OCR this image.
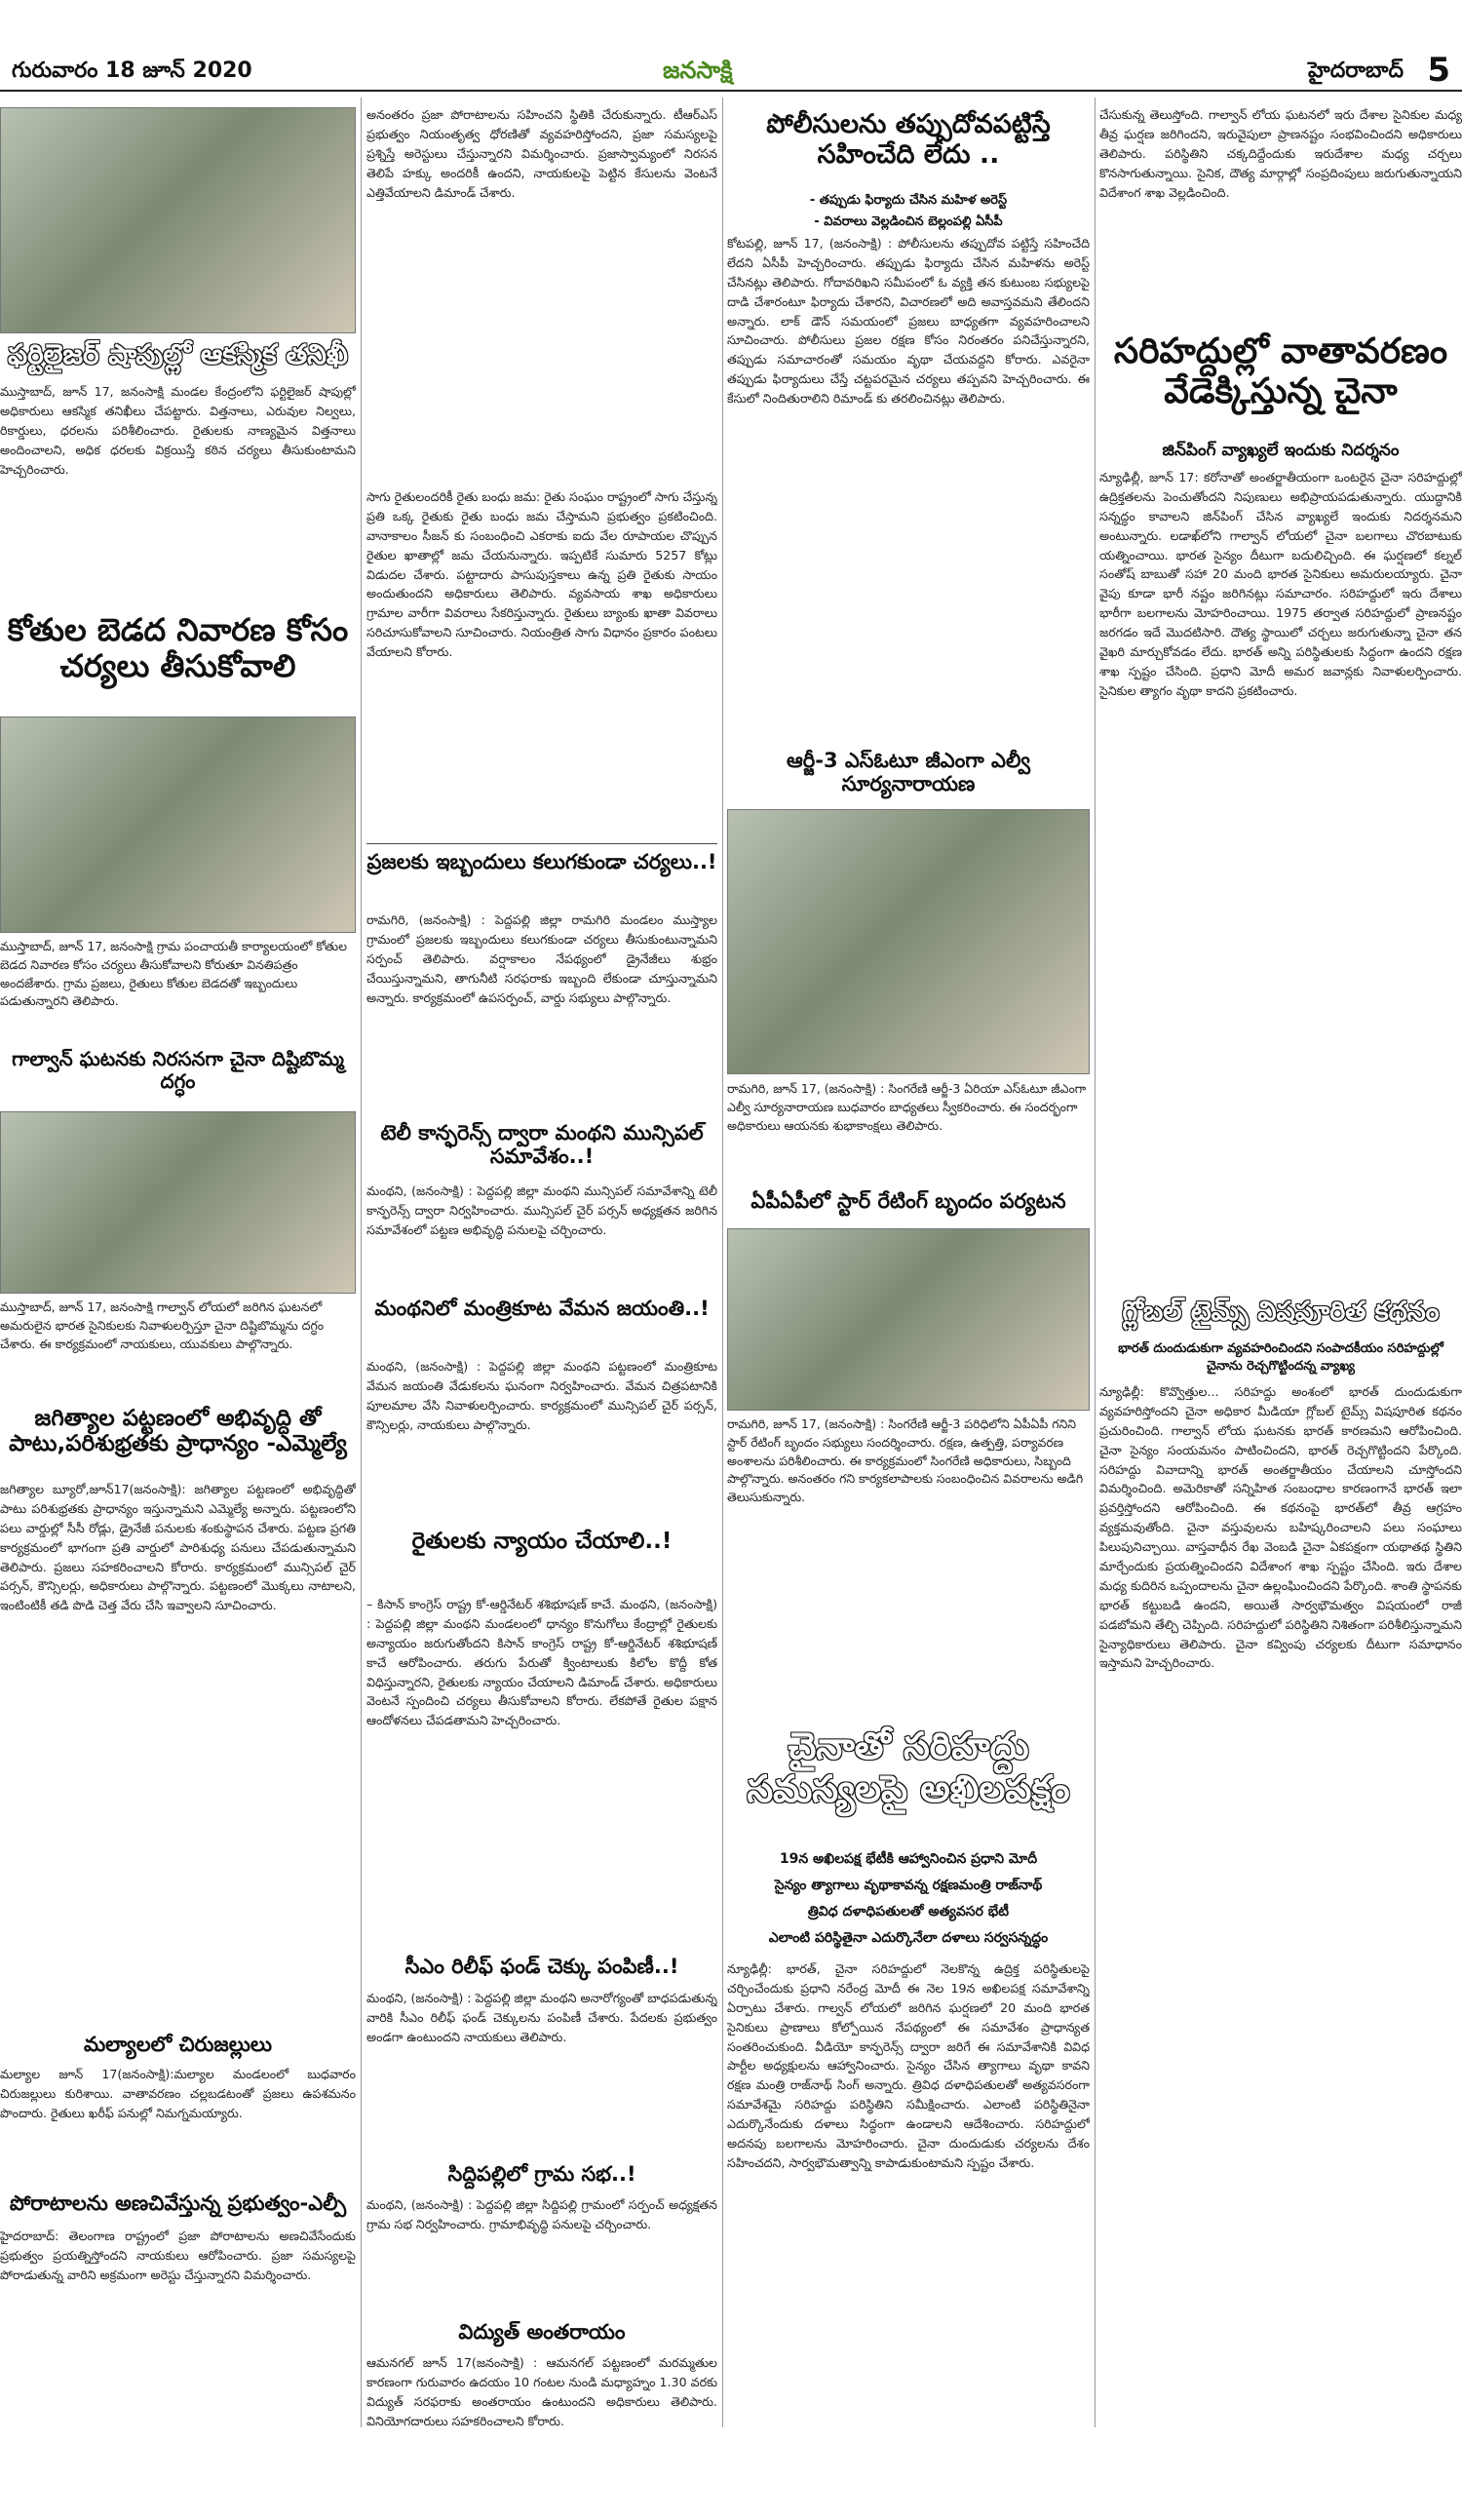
గురువారం 18 జూన్ 2020	జనసాక్షి	హైదరాబాద్ 5
ఫర్టిలైజర్ షాపుల్లో ఆకస్మిక తనిఖీ
ముస్తాబాద్‌, జూన్‌ 17, జనంసాక్షి మండల కేంద్రంలోని ఫర్టిలైజర్ షాపుల్లో అధికారులు ఆకస్మిక తనిఖీలు చేపట్టారు. విత్తనాలు, ఎరువుల నిల్వలు, రికార్డులు, ధరలను పరిశీలించారు. రైతులకు నాణ్యమైన విత్తనాలు అందించాలని, అధిక ధరలకు విక్రయిస్తే కఠిన చర్యలు తీసుకుంటామని హెచ్చరించారు.
కోతుల బెడద నివారణ కోసం చర్యలు తీసుకోవాలి
ముస్తాబాద్‌, జూన్‌ 17, జనంసాక్షి గ్రామ పంచాయతీ కార్యాలయంలో కోతుల బెడద నివారణ కోసం చర్యలు తీసుకోవాలని కోరుతూ వినతిపత్రం అందజేశారు. గ్రామ ప్రజలు, రైతులు కోతుల బెడదతో ఇబ్బందులు పడుతున్నారని తెలిపారు.
గాల్వాన్ ఘటనకు నిరసనగా చైనా దిష్టిబొమ్మ దగ్ధం
ముస్తాబాద్‌, జూన్‌ 17, జనంసాక్షి గాల్వాన్ లోయలో జరిగిన ఘటనలో అమరులైన భారత సైనికులకు నివాళులర్పిస్తూ చైనా దిష్టిబొమ్మను దగ్ధం చేశారు. ఈ కార్యక్రమంలో నాయకులు, యువకులు పాల్గొన్నారు.
జగిత్యాల పట్టణంలో అభివృద్ది తో పాటు,పరిశుభ్రతకు ప్రాధాన్యం -ఎమ్మెల్యే
జగిత్యాల బ్యూరో,జూన్17(జనంసాక్షి): జగిత్యాల పట్టణంలో అభివృద్ధితో పాటు పరిశుభ్రతకు ప్రాధాన్యం ఇస్తున్నామని ఎమ్మెల్యే అన్నారు. పట్టణంలోని పలు వార్డుల్లో సీసీ రోడ్లు, డ్రైనేజీ పనులకు శంకుస్థాపన చేశారు. పట్టణ ప్రగతి కార్యక్రమంలో భాగంగా ప్రతి వార్డులో పారిశుధ్య పనులు చేపడుతున్నామని తెలిపారు. ప్రజలు సహకరించాలని కోరారు. కార్యక్రమంలో మున్సిపల్ చైర్ పర్సన్, కౌన్సిలర్లు, అధికారులు పాల్గొన్నారు. పట్టణంలో మొక్కలు నాటాలని, ఇంటింటికీ తడి పొడి చెత్త వేరు చేసి ఇవ్వాలని సూచించారు.
మల్యాలలో చిరుజల్లులు
మల్యాల జూన్ 17(జనంసాక్షి):మల్యాల మండలంలో బుధవారం చిరుజల్లులు కురిశాయి. వాతావరణం చల్లబడటంతో ప్రజలు ఉపశమనం పొందారు. రైతులు ఖరీఫ్ పనుల్లో నిమగ్నమయ్యారు.
పోరాటాలను అణచివేస్తున్న ప్రభుత్వం-ఎల్పీ
హైదరాబాద్‌: తెలంగాణ రాష్ట్రంలో ప్రజా పోరాటాలను అణచివేసేందుకు ప్రభుత్వం ప్రయత్నిస్తోందని నాయకులు ఆరోపించారు. ప్రజా సమస్యలపై పోరాడుతున్న వారిని అక్రమంగా అరెస్టు చేస్తున్నారని విమర్శించారు.
అనంతరం ప్రజా పోరాటాలను సహించని స్థితికి చేరుకున్నారు. టీఆర్ఎస్ ప్రభుత్వం నియంతృత్వ ధోరణితో వ్యవహరిస్తోందని, ప్రజా సమస్యలపై ప్రశ్నిస్తే అరెస్టులు చేస్తున్నారని విమర్శించారు. ప్రజాస్వామ్యంలో నిరసన తెలిపే హక్కు అందరికీ ఉందని, నాయకులపై పెట్టిన కేసులను వెంటనే ఎత్తివేయాలని డిమాండ్ చేశారు.
సాగు రైతులందరికీ రైతు బంధు జమ: రైతు సంఘం రాష్ట్రంలో సాగు చేస్తున్న ప్రతి ఒక్క రైతుకు రైతు బంధు జమ చేస్తామని ప్రభుత్వం ప్రకటించింది. వానాకాలం సీజన్ కు సంబంధించి ఎకరాకు ఐదు వేల రూపాయల చొప్పున రైతుల ఖాతాల్లో జమ చేయనున్నారు. ఇప్పటికే సుమారు 5257 కోట్లు విడుదల చేశారు. పట్టాదారు పాసుపుస్తకాలు ఉన్న ప్రతి రైతుకు సాయం అందుతుందని అధికారులు తెలిపారు. వ్యవసాయ శాఖ అధికారులు గ్రామాల వారీగా వివరాలు సేకరిస్తున్నారు. రైతులు బ్యాంకు ఖాతా వివరాలు సరిచూసుకోవాలని సూచించారు. నియంత్రిత సాగు విధానం ప్రకారం పంటలు వేయాలని కోరారు.
ప్రజలకు ఇబ్బందులు కలుగకుండా చర్యలు..!
రామగిరి, (జనంసాక్షి) : పెద్దపల్లి జిల్లా రామగిరి మండలం ముస్త్యాల గ్రామంలో ప్రజలకు ఇబ్బందులు కలుగకుండా చర్యలు తీసుకుంటున్నామని సర్పంచ్ తెలిపారు. వర్షాకాలం నేపథ్యంలో డ్రైనేజీలు శుభ్రం చేయిస్తున్నామని, తాగునీటి సరఫరాకు ఇబ్బంది లేకుండా చూస్తున్నామని అన్నారు. కార్యక్రమంలో ఉపసర్పంచ్, వార్డు సభ్యులు పాల్గొన్నారు.
టెలీ కాన్ఫరెన్స్ ద్వారా మంథని మున్సిపల్ సమావేశం..!
మంథని, (జనంసాక్షి) : పెద్దపల్లి జిల్లా మంథని మున్సిపల్ సమావేశాన్ని టెలీ కాన్ఫరెన్స్ ద్వారా నిర్వహించారు. మున్సిపల్ చైర్ పర్సన్ అధ్యక్షతన జరిగిన సమావేశంలో పట్టణ అభివృద్ధి పనులపై చర్చించారు.
మంథనిలో మంత్రికూట వేమన జయంతి..!
మంథని, (జనంసాక్షి) : పెద్దపల్లి జిల్లా మంథని పట్టణంలో మంత్రికూట వేమన జయంతి వేడుకలను ఘనంగా నిర్వహించారు. వేమన చిత్రపటానికి పూలమాల వేసి నివాళులర్పించారు. కార్యక్రమంలో మున్సిపల్ చైర్ పర్సన్, కౌన్సిలర్లు, నాయకులు పాల్గొన్నారు.
రైతులకు న్యాయం చేయాలి..!
– కిసాన్ కాంగ్రెస్ రాష్ట్ర కో-ఆర్డినేటర్ శశిభూషణ్ కాచే. మంథని, (జనంసాక్షి) : పెద్దపల్లి జిల్లా మంథని మండలంలో ధాన్యం కొనుగోలు కేంద్రాల్లో రైతులకు అన్యాయం జరుగుతోందని కిసాన్ కాంగ్రెస్ రాష్ట్ర కో-ఆర్డినేటర్ శశిభూషణ్ కాచే ఆరోపించారు. తరుగు పేరుతో క్వింటాలుకు కిలోల కొద్దీ కోత విధిస్తున్నారని, రైతులకు న్యాయం చేయాలని డిమాండ్ చేశారు. అధికారులు వెంటనే స్పందించి చర్యలు తీసుకోవాలని కోరారు. లేకపోతే రైతుల పక్షాన ఆందోళనలు చేపడతామని హెచ్చరించారు.
సీఎం రిలీఫ్ ఫండ్ చెక్కు పంపిణీ..!
మంథని, (జనంసాక్షి) : పెద్దపల్లి జిల్లా మంథని అనారోగ్యంతో బాధపడుతున్న వారికి సీఎం రిలీఫ్ ఫండ్ చెక్కులను పంపిణీ చేశారు. పేదలకు ప్రభుత్వం అండగా ఉంటుందని నాయకులు తెలిపారు.
సిద్దిపల్లిలో గ్రామ సభ..!
మంథని, (జనంసాక్షి) : పెద్దపల్లి జిల్లా సిద్దిపల్లి గ్రామంలో సర్పంచ్ అధ్యక్షతన గ్రామ సభ నిర్వహించారు. గ్రామాభివృద్ధి పనులపై చర్చించారు.
విద్యుత్ అంతరాయం
ఆమనగల్ జూన్ 17(జనంసాక్షి) : ఆమనగల్ పట్టణంలో మరమ్మతుల కారణంగా గురువారం ఉదయం 10 గంటల నుండి మధ్యాహ్నం 1.30 వరకు విద్యుత్ సరఫరాకు అంతరాయం ఉంటుందని అధికారులు తెలిపారు. వినియోగదారులు సహకరించాలని కోరారు.
పోలీసులను తప్పుదోవపట్టిస్తే సహించేది లేదు ..
- తప్పుడు ఫిర్యాదు చేసిన మహిళ అరెస్ట్
- వివరాలు వెల్లడించిన బెల్లంపల్లి ఏసీపీ
కోటపల్లి, జూన్ 17, (జనంసాక్షి) : పోలీసులను తప్పుదోవ పట్టిస్తే సహించేది లేదని ఏసీపీ హెచ్చరించారు. తప్పుడు ఫిర్యాదు చేసిన మహిళను అరెస్ట్ చేసినట్లు తెలిపారు. గోదావరిఖని సమీపంలో ఓ వ్యక్తి తన కుటుంబ సభ్యులపై దాడి చేశారంటూ ఫిర్యాదు చేశారని, విచారణలో అది అవాస్తవమని తేలిందని అన్నారు. లాక్ డౌన్ సమయంలో ప్రజలు బాధ్యతగా వ్యవహరించాలని సూచించారు. పోలీసులు ప్రజల రక్షణ కోసం నిరంతరం పనిచేస్తున్నారని, తప్పుడు సమాచారంతో సమయం వృథా చేయవద్దని కోరారు. ఎవరైనా తప్పుడు ఫిర్యాదులు చేస్తే చట్టపరమైన చర్యలు తప్పవని హెచ్చరించారు. ఈ కేసులో నిందితురాలిని రిమాండ్ కు తరలించినట్లు తెలిపారు.
ఆర్జీ-3 ఎస్ఓటూ జీఎంగా ఎల్వీ సూర్యనారాయణ
రామగిరి, జూన్ 17, (జనంసాక్షి) : సింగరేణి ఆర్జీ-3 ఏరియా ఎస్ఓటూ జీఎంగా ఎల్వీ సూర్యనారాయణ బుధవారం బాధ్యతలు స్వీకరించారు. ఈ సందర్భంగా అధికారులు ఆయనకు శుభాకాంక్షలు తెలిపారు.
ఏపీఏపీలో స్టార్ రేటింగ్ బృందం పర్యటన
రామగిరి, జూన్ 17, (జనంసాక్షి) : సింగరేణి ఆర్జీ-3 పరిధిలోని ఏపీఏపీ గనిని స్టార్ రేటింగ్ బృందం సభ్యులు సందర్శించారు. రక్షణ, ఉత్పత్తి, పర్యావరణ అంశాలను పరిశీలించారు. ఈ కార్యక్రమంలో సింగరేణి అధికారులు, సిబ్బంది పాల్గొన్నారు. అనంతరం గని కార్యకలాపాలకు సంబంధించిన వివరాలను అడిగి తెలుసుకున్నారు.
చైనాతో సరిహద్దు సమస్యలపై అఖిలపక్షం
19న అఖిలపక్ష భేటీకి ఆహ్వానించిన ప్రధాని మోదీ
సైన్యం త్యాగాలు వృథాకావన్న రక్షణమంత్రి రాజ్‌నాథ్
త్రివిధ దళాధిపతులతో అత్యవసర భేటీ
ఎలాంటి పరిస్థితైనా ఎదుర్కొనేలా దళాలు సర్వసన్నద్ధం
న్యూఢిల్లీ: భారత్, చైనా సరిహద్దులో నెలకొన్న ఉద్రిక్త పరిస్థితులపై చర్చించేందుకు ప్రధాని నరేంద్ర మోదీ ఈ నెల 19న అఖిలపక్ష సమావేశాన్ని ఏర్పాటు చేశారు. గాల్వన్ లోయలో జరిగిన ఘర్షణలో 20 మంది భారత సైనికులు ప్రాణాలు కోల్పోయిన నేపథ్యంలో ఈ సమావేశం ప్రాధాన్యత సంతరించుకుంది. వీడియో కాన్ఫరెన్స్ ద్వారా జరిగే ఈ సమావేశానికి వివిధ పార్టీల అధ్యక్షులను ఆహ్వానించారు. సైన్యం చేసిన త్యాగాలు వృథా కావని రక్షణ మంత్రి రాజ్‌నాథ్ సింగ్ అన్నారు. త్రివిధ దళాధిపతులతో అత్యవసరంగా సమావేశమై సరిహద్దు పరిస్థితిని సమీక్షించారు. ఎలాంటి పరిస్థితినైనా ఎదుర్కొనేందుకు దళాలు సిద్ధంగా ఉండాలని ఆదేశించారు. సరిహద్దులో అదనపు బలగాలను మోహరించారు. చైనా దుందుడుకు చర్యలను దేశం సహించదని, సార్వభౌమత్వాన్ని కాపాడుకుంటామని స్పష్టం చేశారు.
చేసుకున్న తెలుస్తోంది. గాల్వాన్ లోయ ఘటనలో ఇరు దేశాల సైనికుల మధ్య తీవ్ర ఘర్షణ జరిగిందని, ఇరువైపులా ప్రాణనష్టం సంభవించిందని అధికారులు తెలిపారు. పరిస్థితిని చక్కదిద్దేందుకు ఇరుదేశాల మధ్య చర్చలు కొనసాగుతున్నాయి. సైనిక, దౌత్య మార్గాల్లో సంప్రదింపులు జరుగుతున్నాయని విదేశాంగ శాఖ వెల్లడించింది.
సరిహద్దుల్లో వాతావరణం వేడెక్కిస్తున్న చైనా
జిన్‌పింగ్ వ్యాఖ్యలే ఇందుకు నిదర్శనం
న్యూఢిల్లీ, జూన్ 17: కరోనాతో అంతర్జాతీయంగా ఒంటరైన చైనా సరిహద్దుల్లో ఉద్రిక్తతలను పెంచుతోందని నిపుణులు అభిప్రాయపడుతున్నారు. యుద్ధానికి సన్నద్ధం కావాలని జిన్‌పింగ్ చేసిన వ్యాఖ్యలే ఇందుకు నిదర్శనమని అంటున్నారు. లడాఖ్‌లోని గాల్వాన్ లోయలో చైనా బలగాలు చొరబాటుకు యత్నించాయి. భారత సైన్యం దీటుగా బదులిచ్చింది. ఈ ఘర్షణలో కల్నల్ సంతోష్ బాబుతో సహా 20 మంది భారత సైనికులు అమరులయ్యారు. చైనా వైపు కూడా భారీ నష్టం జరిగినట్లు సమాచారం. సరిహద్దులో ఇరు దేశాలు భారీగా బలగాలను మోహరించాయి. 1975 తర్వాత సరిహద్దులో ప్రాణనష్టం జరగడం ఇదే మొదటిసారి. దౌత్య స్థాయిలో చర్చలు జరుగుతున్నా చైనా తన వైఖరి మార్చుకోవడం లేదు. భారత్ అన్ని పరిస్థితులకు సిద్ధంగా ఉందని రక్షణ శాఖ స్పష్టం చేసింది. ప్రధాని మోదీ అమర జవాన్లకు నివాళులర్పించారు. సైనికుల త్యాగం వృథా కాదని ప్రకటించారు.
గ్లోబల్ టైమ్స్ విషపూరిత కథనం
భారత్ దుందుడుకుగా వ్యవహరించిందని సంపాదకీయం సరిహద్దుల్లో చైనాను రెచ్చగొట్టిందన్న వ్యాఖ్య
న్యూఢిల్లీ: కొవ్వొత్తుల... సరిహద్దు అంశంలో భారత్ దుందుడుకుగా వ్యవహరిస్తోందని చైనా అధికార మీడియా గ్లోబల్ టైమ్స్ విషపూరిత కథనం ప్రచురించింది. గాల్వాన్ లోయ ఘటనకు భారత్ కారణమని ఆరోపించింది. చైనా సైన్యం సంయమనం పాటించిందని, భారత్ రెచ్చగొట్టిందని పేర్కొంది. సరిహద్దు వివాదాన్ని భారత్ అంతర్జాతీయం చేయాలని చూస్తోందని విమర్శించింది. అమెరికాతో సన్నిహిత సంబంధాల కారణంగానే భారత్ ఇలా ప్రవర్తిస్తోందని ఆరోపించింది. ఈ కథనంపై భారత్‌లో తీవ్ర ఆగ్రహం వ్యక్తమవుతోంది. చైనా వస్తువులను బహిష్కరించాలని పలు సంఘాలు పిలుపునిచ్చాయి. వాస్తవాధీన రేఖ వెంబడి చైనా ఏకపక్షంగా యథాతథ స్థితిని మార్చేందుకు ప్రయత్నించిందని విదేశాంగ శాఖ స్పష్టం చేసింది. ఇరు దేశాల మధ్య కుదిరిన ఒప్పందాలను చైనా ఉల్లంఘించిందని పేర్కొంది. శాంతి స్థాపనకు భారత్ కట్టుబడి ఉందని, అయితే సార్వభౌమత్వం విషయంలో రాజీ పడబోమని తేల్చి చెప్పింది. సరిహద్దులో పరిస్థితిని నిశితంగా పరిశీలిస్తున్నామని సైన్యాధికారులు తెలిపారు. చైనా కవ్వింపు చర్యలకు దీటుగా సమాధానం ఇస్తామని హెచ్చరించారు.
